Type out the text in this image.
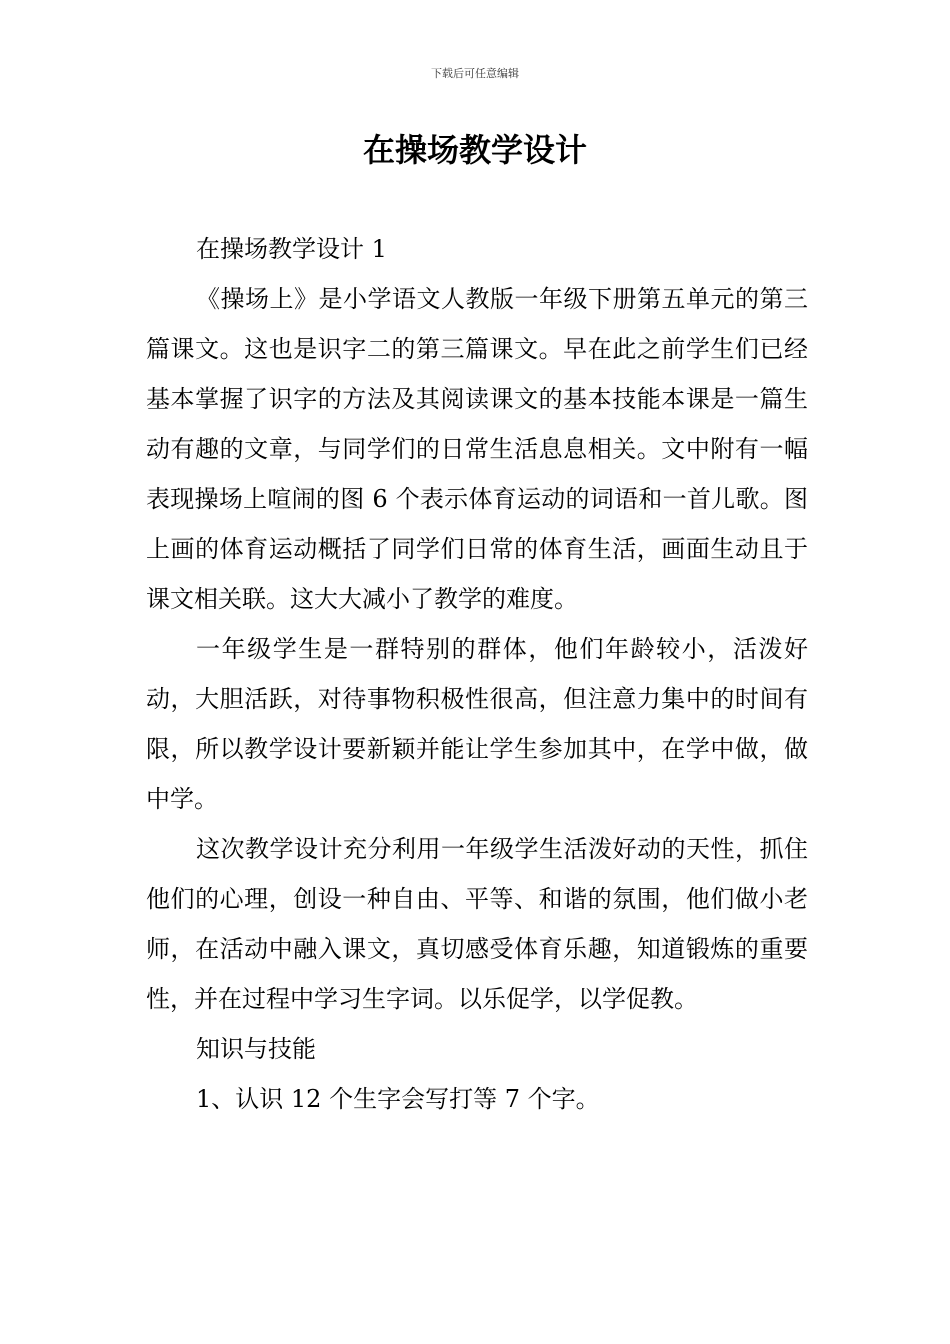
下载后可任意编辑
在操场教学设计

在操场教学设计 1

《操场上》是小学语文人教版一年级下册第五单元的第三篇课文。这也是识字二的第三篇课文。早在此之前学生们已经基本掌握了识字的方法及其阅读课文的基本技能本课是一篇生动有趣的文章，与同学们的日常生活息息相关。文中附有一幅表现操场上喧闹的图 6 个表示体育运动的词语和一首儿歌。图上画的体育运动概括了同学们日常的体育生活，画面生动且于课文相关联。这大大减小了教学的难度。

一年级学生是一群特别的群体，他们年龄较小，活泼好动，大胆活跃，对待事物积极性很高，但注意力集中的时间有限，所以教学设计要新颖并能让学生参加其中，在学中做，做中学。

这次教学设计充分利用一年级学生活泼好动的天性，抓住他们的心理，创设一种自由、平等、和谐的氛围，他们做小老师，在活动中融入课文，真切感受体育乐趣，知道锻炼的重要性，并在过程中学习生字词。以乐促学，以学促教。

知识与技能

1、认识 12 个生字会写打等 7 个字。
